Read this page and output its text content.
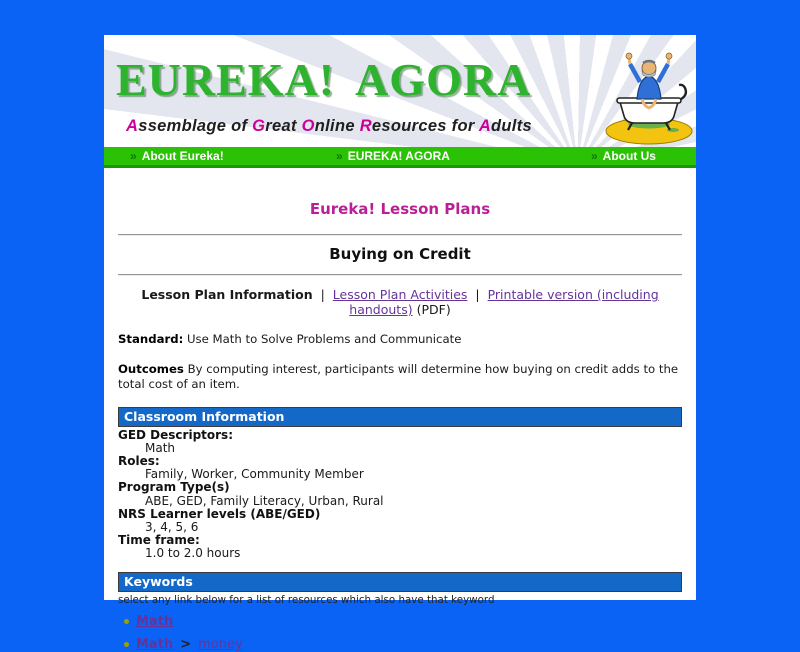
EUREKA! AGORA
Assemblage of Great Online Resources for Adults
» About Eureka!	» EUREKA! AGORA	» About Us
Eureka! Lesson Plans
Buying on Credit
Lesson Plan Information | Lesson Plan Activities | Printable version (including handouts) (PDF)

Standard: Use Math to Solve Problems and Communicate

Outcomes By computing interest, participants will determine how buying on credit adds to the total cost of an item.

Classroom Information
GED Descriptors:
Math
Roles:
Family, Worker, Community Member
Program Type(s)
ABE, GED, Family Literacy, Urban, Rural
NRS Learner levels (ABE/GED)
3, 4, 5, 6
Time frame:
1.0 to 2.0 hours
Keywords
select any link below for a list of resources which also have that keyword
Math
Math > money
